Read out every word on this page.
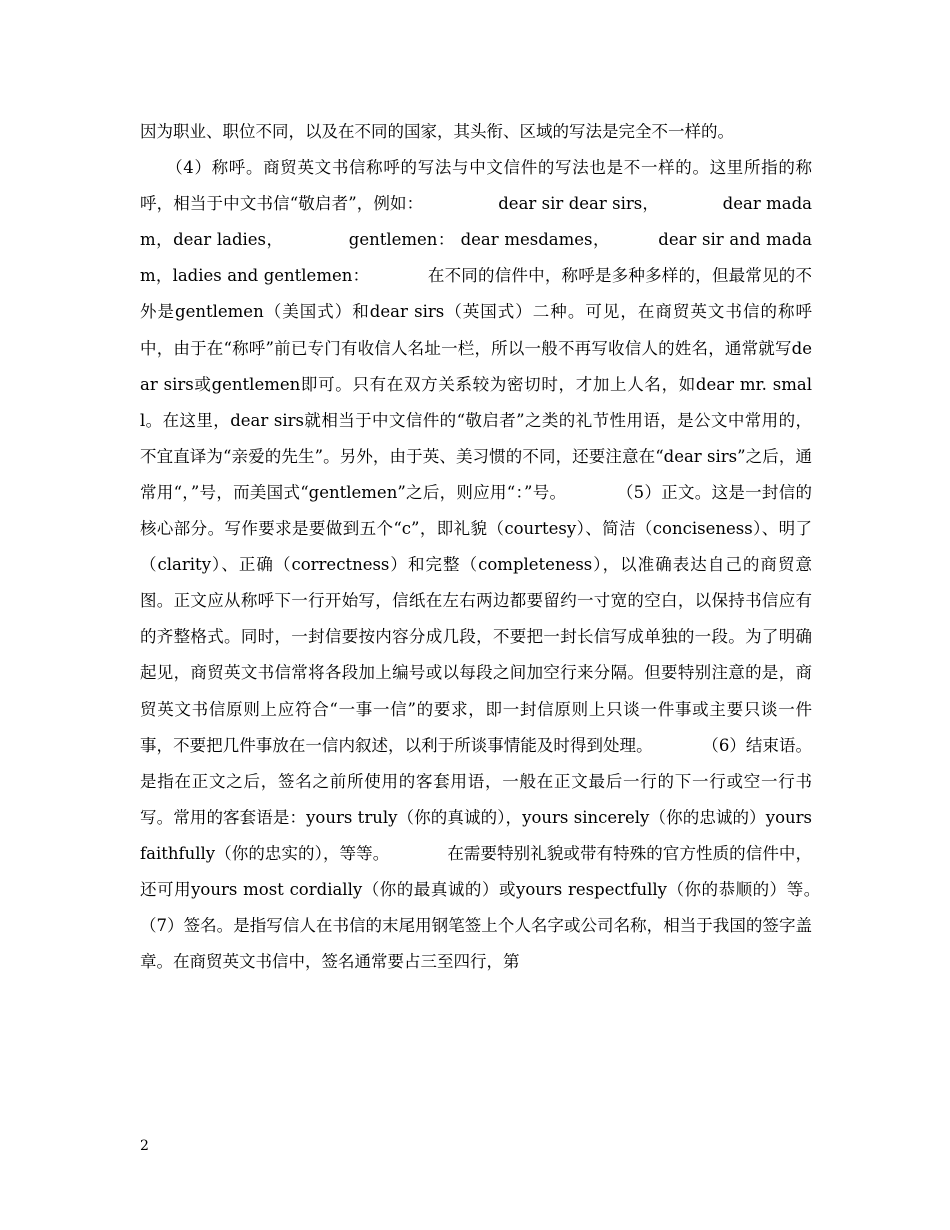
因为职业、职位不同，以及在不同的国家，其头衔、区域的写法是完全不一样的。

　　（4）称呼。商贸英文书信称呼的写法与中文信件的写法也是不一样的。这里所指的称呼，相当于中文书信“敬启者”，例如：　　　　　dear sir dear sirs，　　　　 dear madam，dear ladies，　　　　 gentlemen： dear mesdames，　　　 dear sir and madam，ladies and gentlemen：　　　　在不同的信件中，称呼是多种多样的，但最常见的不外是gentlemen（美国式）和dear sirs（英国式）二种。可见，在商贸英文书信的称呼中，由于在“称呼”前已专门有收信人名址一栏，所以一般不再写收信人的姓名，通常就写dear sirs或gentlemen即可。只有在双方关系较为密切时，才加上人名，如dear mr. small。在这里，dear sirs就相当于中文信件的“敬启者”之类的礼节性用语，是公文中常用的，不宜直译为“亲爱的先生”。另外，由于英、美习惯的不同，还要注意在“dear sirs”之后，通常用“，”号，而美国式“gentlemen”之后，则应用“：”号。　　　　（5）正文。这是一封信的核心部分。写作要求是要做到五个“c”，即礼貌（courtesy）、简洁（conciseness）、明了（clarity）、正确（correctness）和完整（completeness），以准确表达自己的商贸意图。正文应从称呼下一行开始写，信纸在左右两边都要留约一寸宽的空白，以保持书信应有的齐整格式。同时，一封信要按内容分成几段，不要把一封长信写成单独的一段。为了明确起见，商贸英文书信常将各段加上编号或以每段之间加空行来分隔。但要特别注意的是，商贸英文书信原则上应符合“一事一信”的要求，即一封信原则上只谈一件事或主要只谈一件事，不要把几件事放在一信内叙述，以利于所谈事情能及时得到处理。　　　　（6）结束语。是指在正文之后，签名之前所使用的客套用语，一般在正文最后一行的下一行或空一行书写。常用的客套语是：yours truly（你的真诚的），yours sincerely（你的忠诚的）yours faithfully（你的忠实的），等等。　　　　在需要特别礼貌或带有特殊的官方性质的信件中，还可用yours most cordially（你的最真诚的）或yours respectfully（你的恭顺的）等。　　　　（7）签名。是指写信人在书信的末尾用钢笔签上个人名字或公司名称，相当于我国的签字盖章。在商贸英文书信中，签名通常要占三至四行，第

2
